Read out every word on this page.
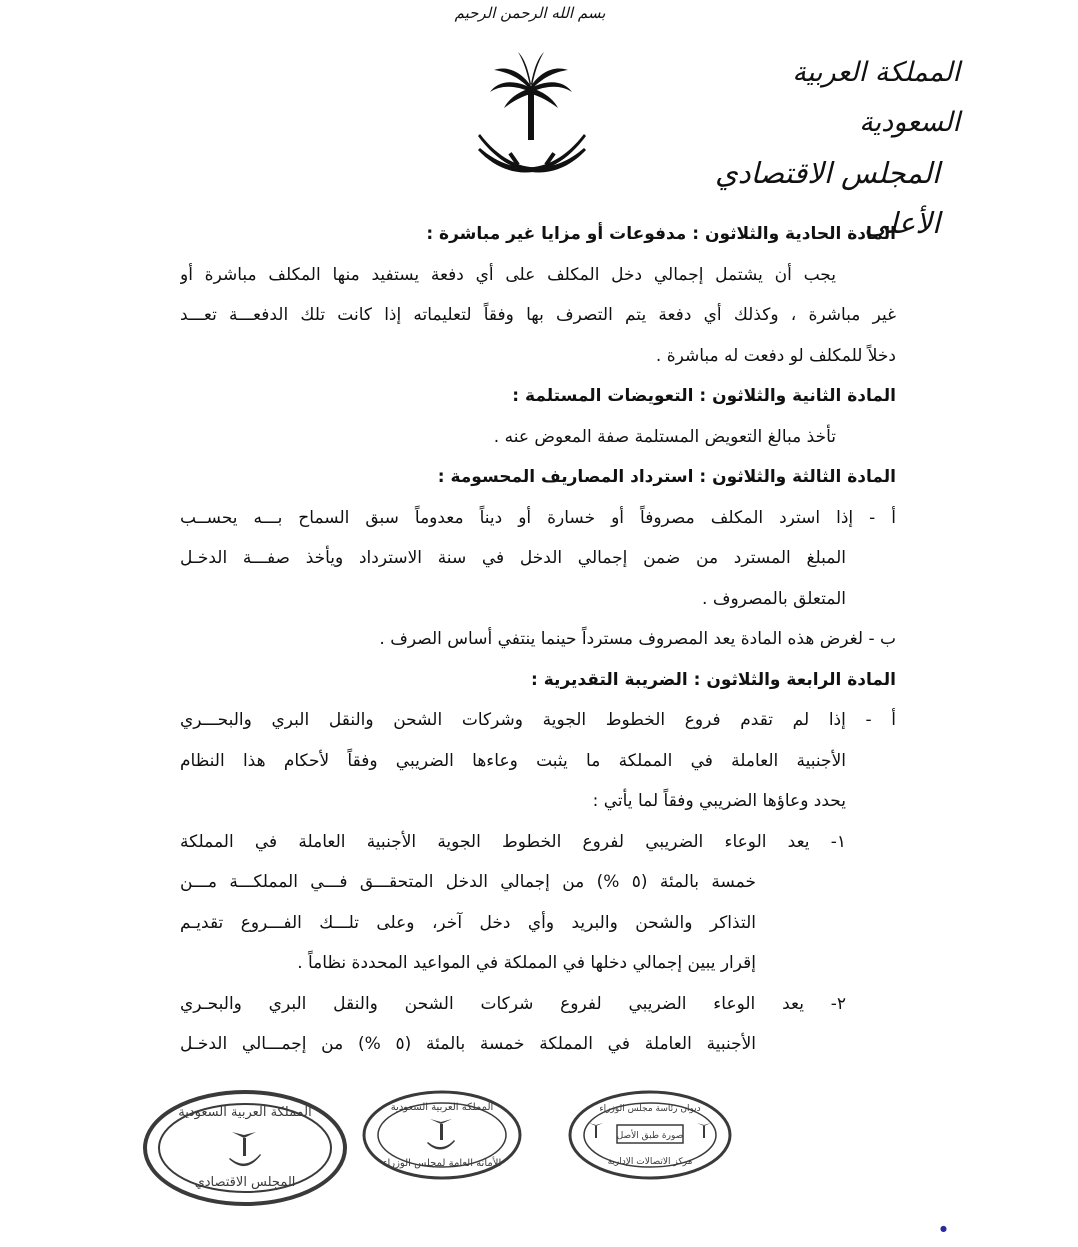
بسم الله الرحمن الرحيم
المملكة العربية السعودية
المجلس الاقتصادي الأعلى
المادة الحادية والثلاثون : مدفوعات أو مزايا غير مباشرة :
يجب أن يشتمل إجمالي دخل المكلف على أي دفعة يستفيد منها المكلف مباشرة أو
غير مباشرة ، وكذلك أي دفعة يتم التصرف بها وفقاً لتعليماته إذا كانت تلك الدفعـــة تعـــد
دخلاً للمكلف لو دفعت له مباشرة .
المادة الثانية والثلاثون : التعويضات المستلمة :
تأخذ مبالغ التعويض المستلمة صفة المعوض عنه .
المادة الثالثة والثلاثون : استرداد المصاريف المحسومة :
أ - إذا استرد المكلف مصروفاً أو خسارة أو ديناً معدوماً سبق السماح بـــه يحســب
المبلغ المسترد من ضمن إجمالي الدخل في سنة الاسترداد ويأخذ صفـــة الدخـل
المتعلق بالمصروف .
ب - لغرض هذه المادة يعد المصروف مسترداً حينما ينتفي أساس الصرف .
المادة الرابعة والثلاثون : الضريبة التقديرية :
أ - إذا لم تقدم فروع الخطوط الجوية وشركات الشحن والنقل البري والبحـــري
الأجنبية العاملة في المملكة ما يثبت وعاءها الضريبي وفقاً لأحكام هذا النظام
يحدد وعاؤها الضريبي وفقاً لما يأتي :
١- يعد الوعاء الضريبي لفروع الخطوط الجوية الأجنبية العاملة في المملكة
خمسة بالمئة (٥ %) من إجمالي الدخل المتحقـــق فـــي المملكـــة مـــن
التذاكر والشحن والبريد وأي دخل آخر، وعلى تلـــك الفـــروع تقديـم
إقرار يبين إجمالي دخلها في المملكة في المواعيد المحددة نظاماً .
٢- يعد الوعاء الضريبي لفروع شركات الشحن والنقل البري والبحـري
الأجنبية العاملة في المملكة خمسة بالمئة (٥ %) من إجمـــالي الدخـل
المملكة العربية السعودية
المجلس الاقتصادي
المملكة العربية السعودية
الأمانة العامة لمجلس الوزراء
ديوان رئاسة مجلس الوزراء
صورة طبق الأصل
مركز الاتصالات الإدارية
●
